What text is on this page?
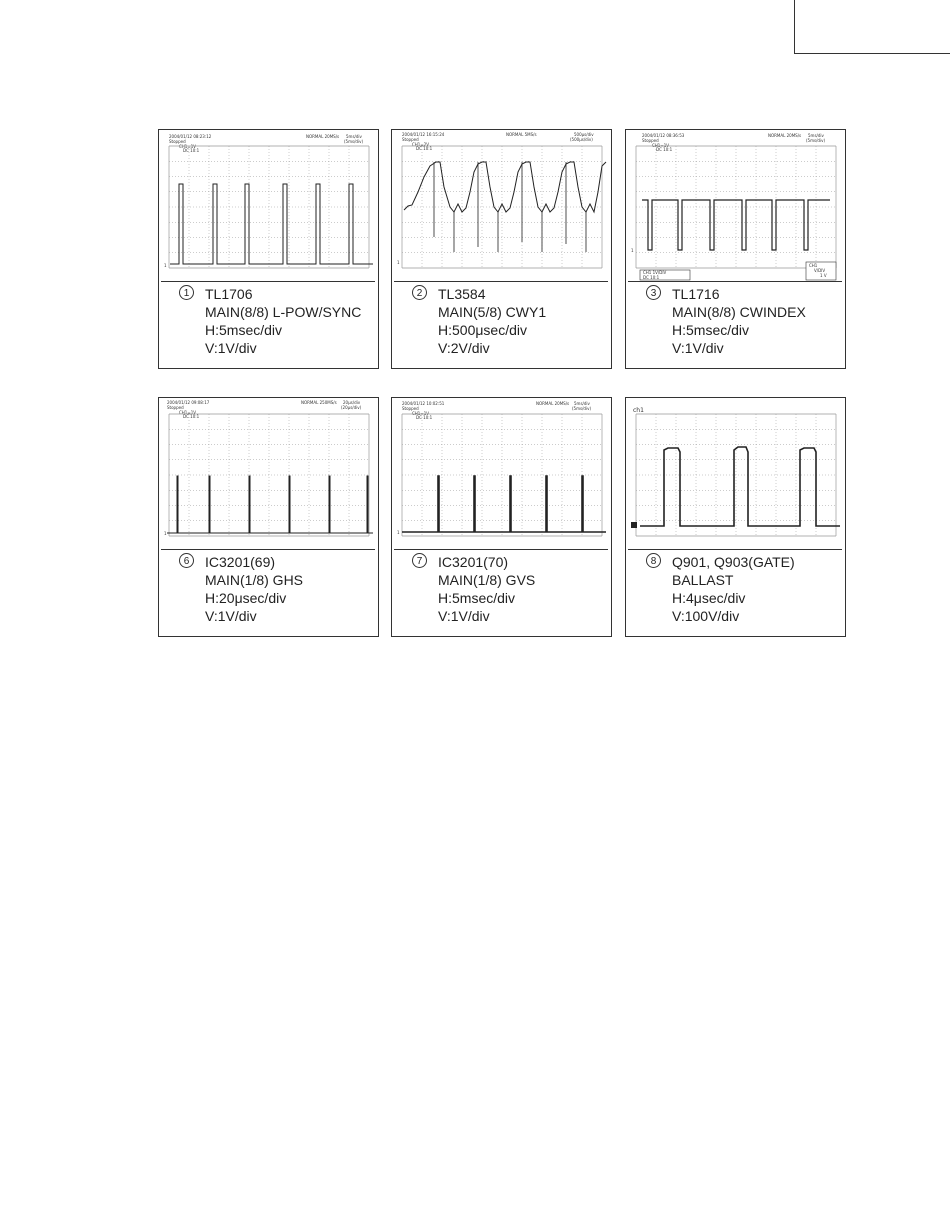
2004/01/12 08:23:12
Stopped
CH1=1V
DC 10:1
NORMAL 20MS/s 5ms/div
(5ms/div)
1
1	TL1706
MAIN(8/8) L-POW/SYNC
H:5msec/div
V:1V/div
2004/01/12 16:15:24
Stopped
CH1=2V
DC 10:1
NORMAL 5MS/s	500μs/div
(500μs/div)
1
2	TL3584
MAIN(5/8) CWY1
H:500μsec/div
V:2V/div
2004/01/12 08:36:53
Stopped
CH1=1V
DC 10:1
NORMAL 20MS/s 5ms/div
(5ms/div)
1
CH1 1V/DIV
DC 10:1
CH1
V/DIV
1 V
3	TL1716
MAIN(8/8) CWINDEX
H:5msec/div
V:1V/div
2004/01/12 09:08:17
Stopped
CH1=1V
DC 10:1
NORMAL 250MS/s 20μs/div
(20μs/div)
1
6	IC3201(69)
MAIN(1/8) GHS
H:20μsec/div
V:1V/div
2004/01/12 10:02:51
Stopped
CH1=1V
DC 10:1
NORMAL 20MS/s 5ms/div
(5ms/div)
1
7	IC3201(70)
MAIN(1/8) GVS
H:5msec/div
V:1V/div
ch1
8	Q901, Q903(GATE)
BALLAST
H:4μsec/div
V:100V/div
